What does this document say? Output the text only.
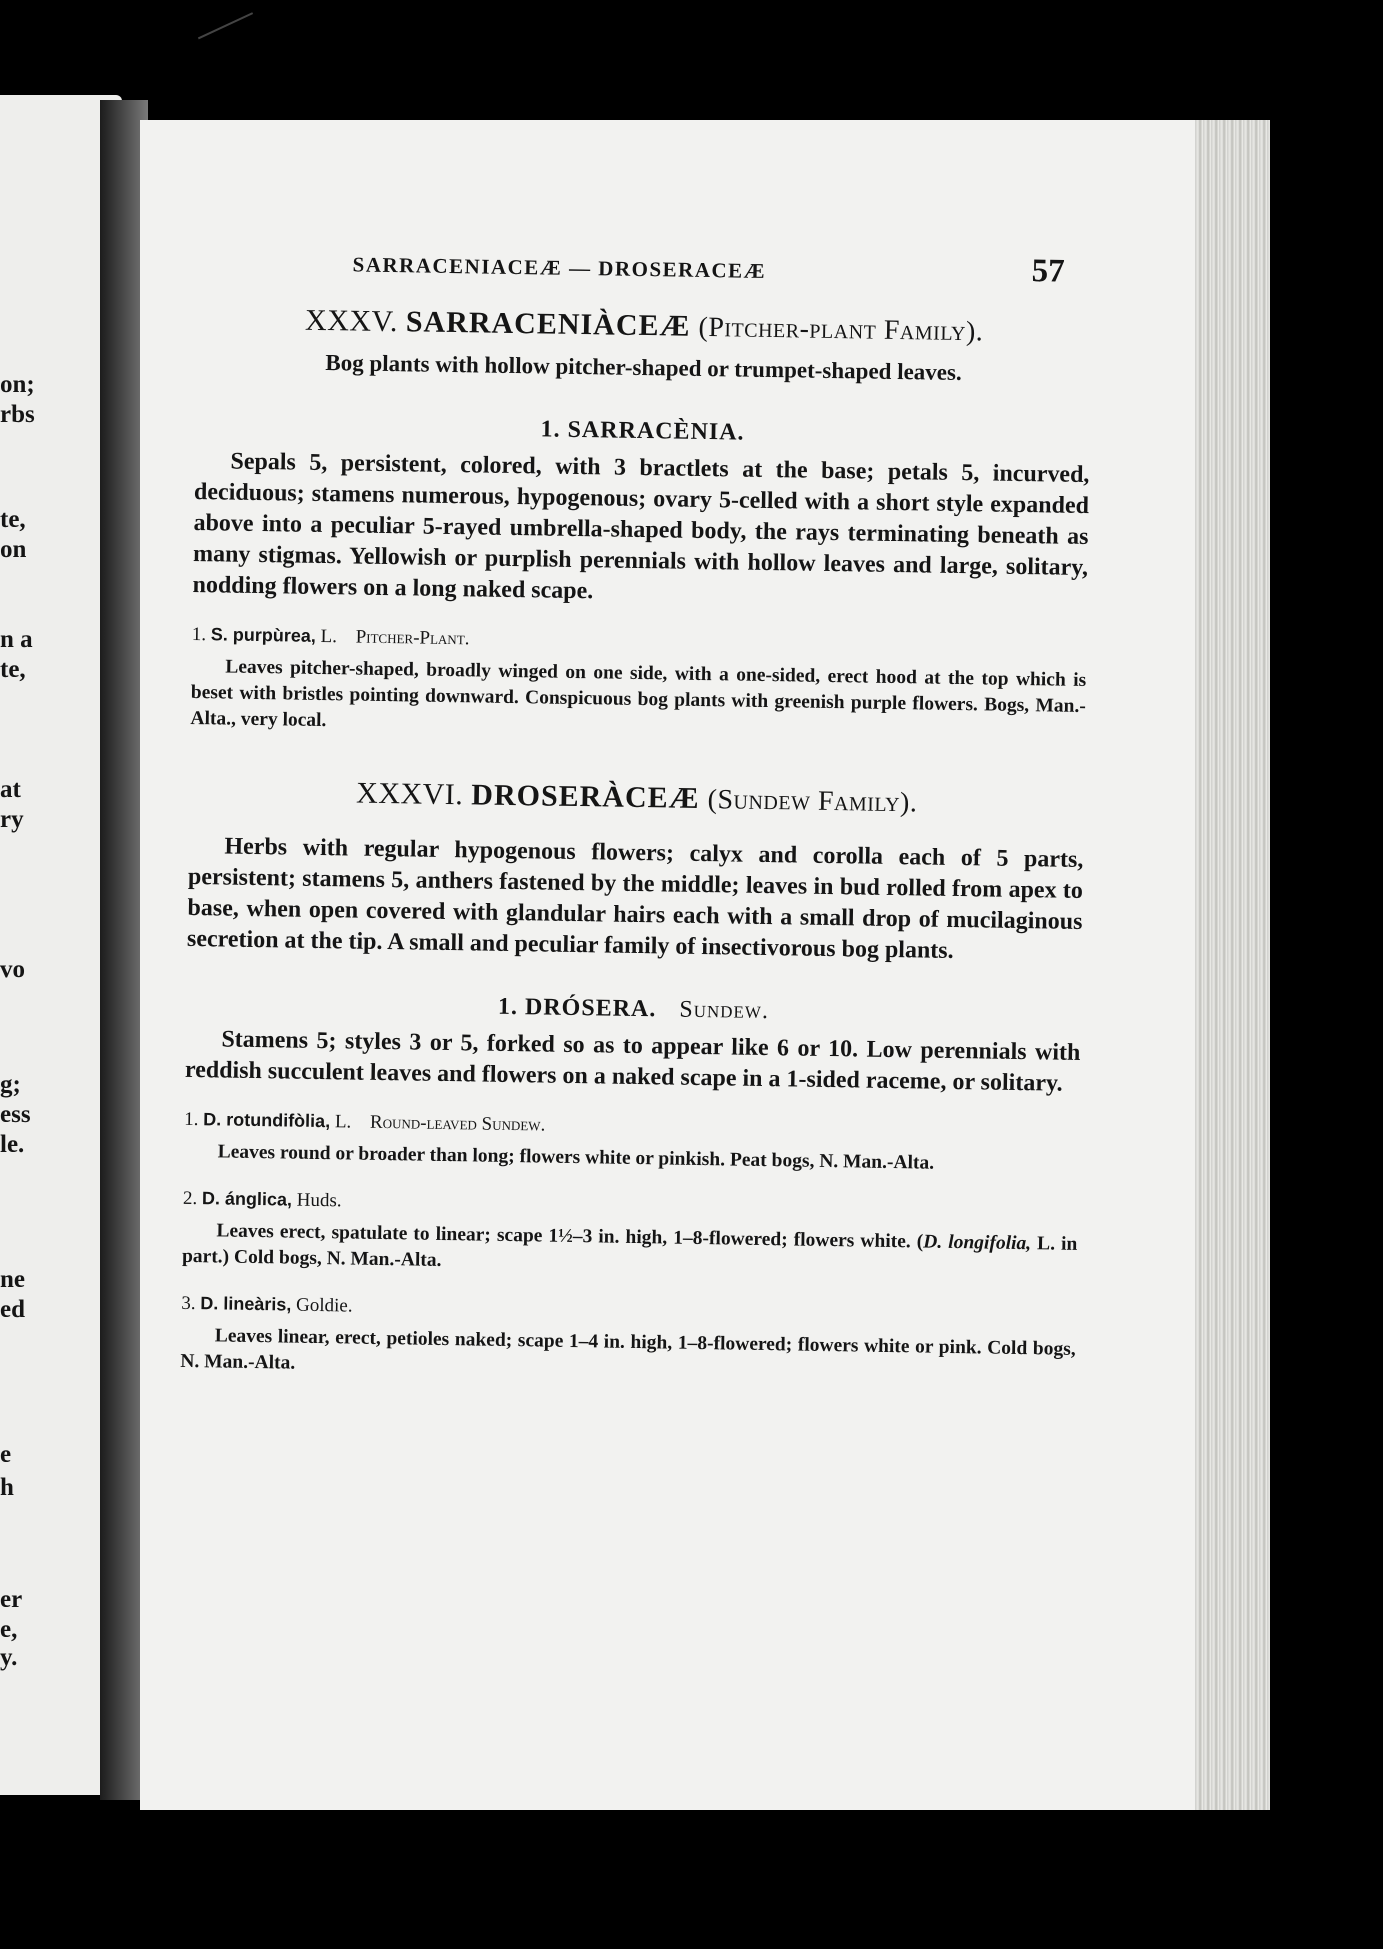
on;
rbs
te,
on
n a
te,
at
ry
vo
g;
ess
le.
ne
ed
e
h
er
e,
y.
SARRACENIACEÆ — DROSERACEÆ	57

XXXV. SARRACENIÀCEÆ (Pitcher-plant Family).

Bog plants with hollow pitcher-shaped or trumpet-shaped leaves.

1. SARRACÈNIA.

Sepals 5, persistent, colored, with 3 bractlets at the base; petals 5, incurved, deciduous; stamens numerous, hypogenous; ovary 5-celled with a short style expanded above into a peculiar 5-rayed umbrella-shaped body, the rays terminating beneath as many stigmas. Yellowish or purplish perennials with hollow leaves and large, solitary, nodding flowers on a long naked scape.

1. S. purpùrea, L. Pitcher-Plant.

Leaves pitcher-shaped, broadly winged on one side, with a one-sided, erect hood at the top which is beset with bristles pointing downward. Conspicuous bog plants with greenish purple flowers. Bogs, Man.-Alta., very local.

XXXVI. DROSERÀCEÆ (Sundew Family).

Herbs with regular hypogenous flowers; calyx and corolla each of 5 parts, persistent; stamens 5, anthers fastened by the middle; leaves in bud rolled from apex to base, when open covered with glandular hairs each with a small drop of mucilaginous secretion at the tip. A small and peculiar family of insectivorous bog plants.

1. DRÓSERA. Sundew.

Stamens 5; styles 3 or 5, forked so as to appear like 6 or 10. Low perennials with reddish succulent leaves and flowers on a naked scape in a 1-sided raceme, or solitary.

1. D. rotundifòlia, L. Round-leaved Sundew.

Leaves round or broader than long; flowers white or pinkish. Peat bogs, N. Man.-Alta.

2. D. ánglica, Huds.

Leaves erect, spatulate to linear; scape 1½–3 in. high, 1–8-flowered; flowers white. (D. longifolia, L. in part.) Cold bogs, N. Man.-Alta.

3. D. lineàris, Goldie.

Leaves linear, erect, petioles naked; scape 1–4 in. high, 1–8-flowered; flowers white or pink. Cold bogs, N. Man.-Alta.
